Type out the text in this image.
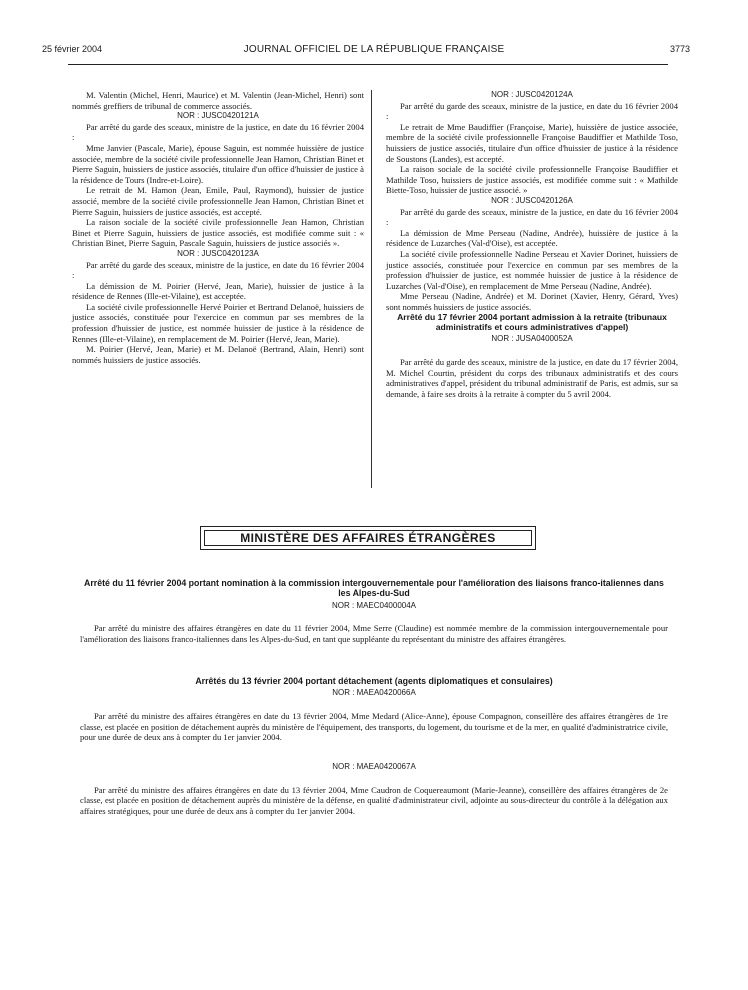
25 février 2004	JOURNAL OFFICIEL DE LA RÉPUBLIQUE FRANÇAISE	3773

M. Valentin (Michel, Henri, Maurice) et M. Valentin (Jean-Michel, Henri) sont nommés greffiers de tribunal de commerce associés.

NOR : JUSC0420121A

Par arrêté du garde des sceaux, ministre de la justice, en date du 16 février 2004 :

Mme Janvier (Pascale, Marie), épouse Saguin, est nommée huissière de justice associée, membre de la société civile professionnelle Jean Hamon, Christian Binet et Pierre Saguin, huissiers de justice associés, titulaire d'un office d'huissier de justice à la résidence de Tours (Indre-et-Loire).

Le retrait de M. Hamon (Jean, Emile, Paul, Raymond), huissier de justice associé, membre de la société civile professionnelle Jean Hamon, Christian Binet et Pierre Saguin, huissiers de justice associés, est accepté.

La raison sociale de la société civile professionnelle Jean Hamon, Christian Binet et Pierre Saguin, huissiers de justice associés, est modifiée comme suit : « Christian Binet, Pierre Saguin, Pascale Saguin, huissiers de justice associés ».

NOR : JUSC0420123A

Par arrêté du garde des sceaux, ministre de la justice, en date du 16 février 2004 :

La démission de M. Poirier (Hervé, Jean, Marie), huissier de justice à la résidence de Rennes (Ille-et-Vilaine), est acceptée.

La société civile professionnelle Hervé Poirier et Bertrand Delanoë, huissiers de justice associés, constituée pour l'exercice en commun par ses membres de la profession d'huissier de justice, est nommée huissier de justice à la résidence de Rennes (Ille-et-Vilaine), en remplacement de M. Poirier (Hervé, Jean, Marie).

M. Poirier (Hervé, Jean, Marie) et M. Delanoë (Bertrand, Alain, Henri) sont nommés huissiers de justice associés.

NOR : JUSC0420124A

Par arrêté du garde des sceaux, ministre de la justice, en date du 16 février 2004 :

Le retrait de Mme Baudiffier (Françoise, Marie), huissière de justice associée, membre de la société civile professionnelle Françoise Baudiffier et Mathilde Toso, huissiers de justice associés, titulaire d'un office d'huissier de justice à la résidence de Soustons (Landes), est accepté.

La raison sociale de la société civile professionnelle Françoise Baudiffier et Mathilde Toso, huissiers de justice associés, est modifiée comme suit : « Mathilde Biette-Toso, huissier de justice associé. »

NOR : JUSC0420126A

Par arrêté du garde des sceaux, ministre de la justice, en date du 16 février 2004 :

La démission de Mme Perseau (Nadine, Andrée), huissière de justice à la résidence de Luzarches (Val-d'Oise), est acceptée.

La société civile professionnelle Nadine Perseau et Xavier Dorinet, huissiers de justice associés, constituée pour l'exercice en commun par ses membres de la profession d'huissier de justice, est nommée huissier de justice à la résidence de Luzarches (Val-d'Oise), en remplacement de Mme Perseau (Nadine, Andrée).

Mme Perseau (Nadine, Andrée) et M. Dorinet (Xavier, Henry, Gérard, Yves) sont nommés huissiers de justice associés.

Arrêté du 17 février 2004 portant admission à la retraite (tribunaux administratifs et cours administratives d'appel)

NOR : JUSA0400052A

Par arrêté du garde des sceaux, ministre de la justice, en date du 17 février 2004, M. Michel Courtin, président du corps des tribunaux administratifs et des cours administratives d'appel, président du tribunal administratif de Paris, est admis, sur sa demande, à faire ses droits à la retraite à compter du 5 avril 2004.

MINISTÈRE DES AFFAIRES ÉTRANGÈRES

Arrêté du 11 février 2004 portant nomination à la commission intergouvernementale pour l'amélioration des liaisons franco-italiennes dans les Alpes-du-Sud

NOR : MAEC0400004A

Par arrêté du ministre des affaires étrangères en date du 11 février 2004, Mme Serre (Claudine) est nommée membre de la commission intergouvernementale pour l'amélioration des liaisons franco-italiennes dans les Alpes-du-Sud, en tant que suppléante du représentant du ministre des affaires étrangères.

Arrêtés du 13 février 2004 portant détachement (agents diplomatiques et consulaires)

NOR : MAEA0420066A

Par arrêté du ministre des affaires étrangères en date du 13 février 2004, Mme Medard (Alice-Anne), épouse Compagnon, conseillère des affaires étrangères de 1re classe, est placée en position de détachement auprès du ministère de l'équipement, des transports, du logement, du tourisme et de la mer, en qualité d'administratrice civile, pour une durée de deux ans à compter du 1er janvier 2004.

NOR : MAEA0420067A

Par arrêté du ministre des affaires étrangères en date du 13 février 2004, Mme Caudron de Coquereaumont (Marie-Jeanne), conseillère des affaires étrangères de 2e classe, est placée en position de détachement auprès du ministère de la défense, en qualité d'administrateur civil, adjointe au sous-directeur du contrôle à la délégation aux affaires stratégiques, pour une durée de deux ans à compter du 1er janvier 2004.
